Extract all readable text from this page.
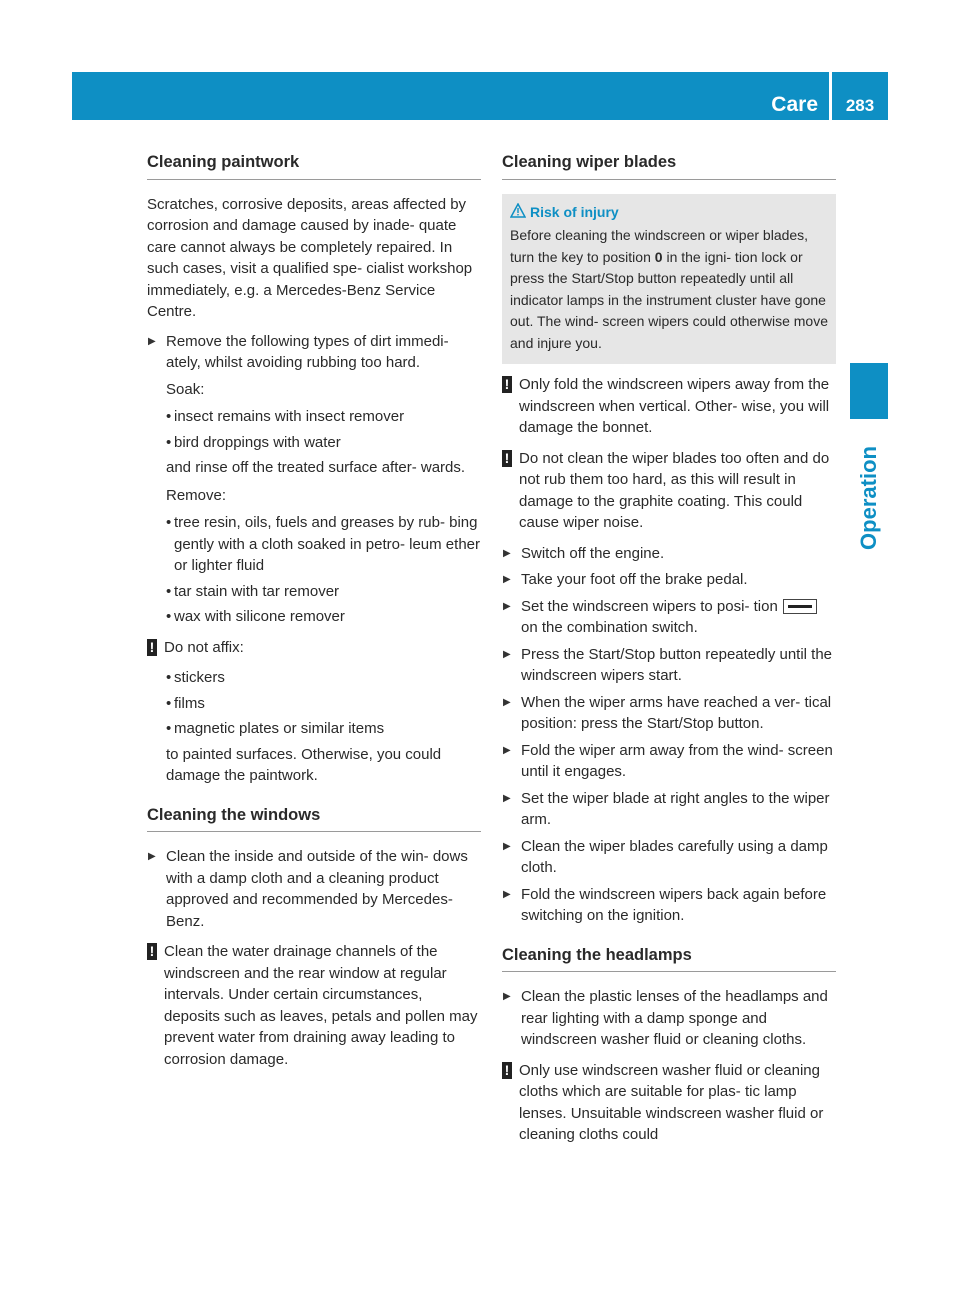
Care	283
Operation
Cleaning paintwork

Scratches, corrosive deposits, areas affected by corrosion and damage caused by inade- quate care cannot always be completely repaired. In such cases, visit a qualified spe- cialist workshop immediately, e.g. a Mercedes-Benz Service Centre.

▶ Remove the following types of dirt immedi- ately, whilst avoiding rubbing too hard.

Soak:

• insect remains with insect remover
• bird droppings with water

and rinse off the treated surface after- wards.

Remove:

• tree resin, oils, fuels and greases by rub- bing gently with a cloth soaked in petro- leum ether or lighter fluid
• tar stain with tar remover
• wax with silicone remover
! Do not affix:
• stickers
• films
• magnetic plates or similar items

to painted surfaces. Otherwise, you could damage the paintwork.

Cleaning the windows
▶ Clean the inside and outside of the win- dows with a damp cloth and a cleaning product approved and recommended by Mercedes-Benz.
! Clean the water drainage channels of the windscreen and the rear window at regular intervals. Under certain circumstances, deposits such as leaves, petals and pollen may prevent water from draining away leading to corrosion damage.
Cleaning wiper blades
Risk of injury
Before cleaning the windscreen or wiper blades, turn the key to position 0 in the igni- tion lock or press the Start/Stop button repeatedly until all indicator lamps in the instrument cluster have gone out. The wind- screen wipers could otherwise move and injure you.
! Only fold the windscreen wipers away from the windscreen when vertical. Other- wise, you will damage the bonnet.
! Do not clean the wiper blades too often and do not rub them too hard, as this will result in damage to the graphite coating. This could cause wiper noise.
▶ Switch off the engine.
▶ Take your foot off the brake pedal.
▶ Set the windscreen wipers to posi- tionon the combination switch.
▶ Press the Start/Stop button repeatedly until the windscreen wipers start.
▶ When the wiper arms have reached a ver- tical position: press the Start/Stop button.
▶ Fold the wiper arm away from the wind- screen until it engages.
▶ Set the wiper blade at right angles to the wiper arm.
▶ Clean the wiper blades carefully using a damp cloth.
▶ Fold the windscreen wipers back again before switching on the ignition.
Cleaning the headlamps
▶ Clean the plastic lenses of the headlamps and rear lighting with a damp sponge and windscreen washer fluid or cleaning cloths.
! Only use windscreen washer fluid or cleaning cloths which are suitable for plas- tic lamp lenses. Unsuitable windscreen washer fluid or cleaning cloths could
